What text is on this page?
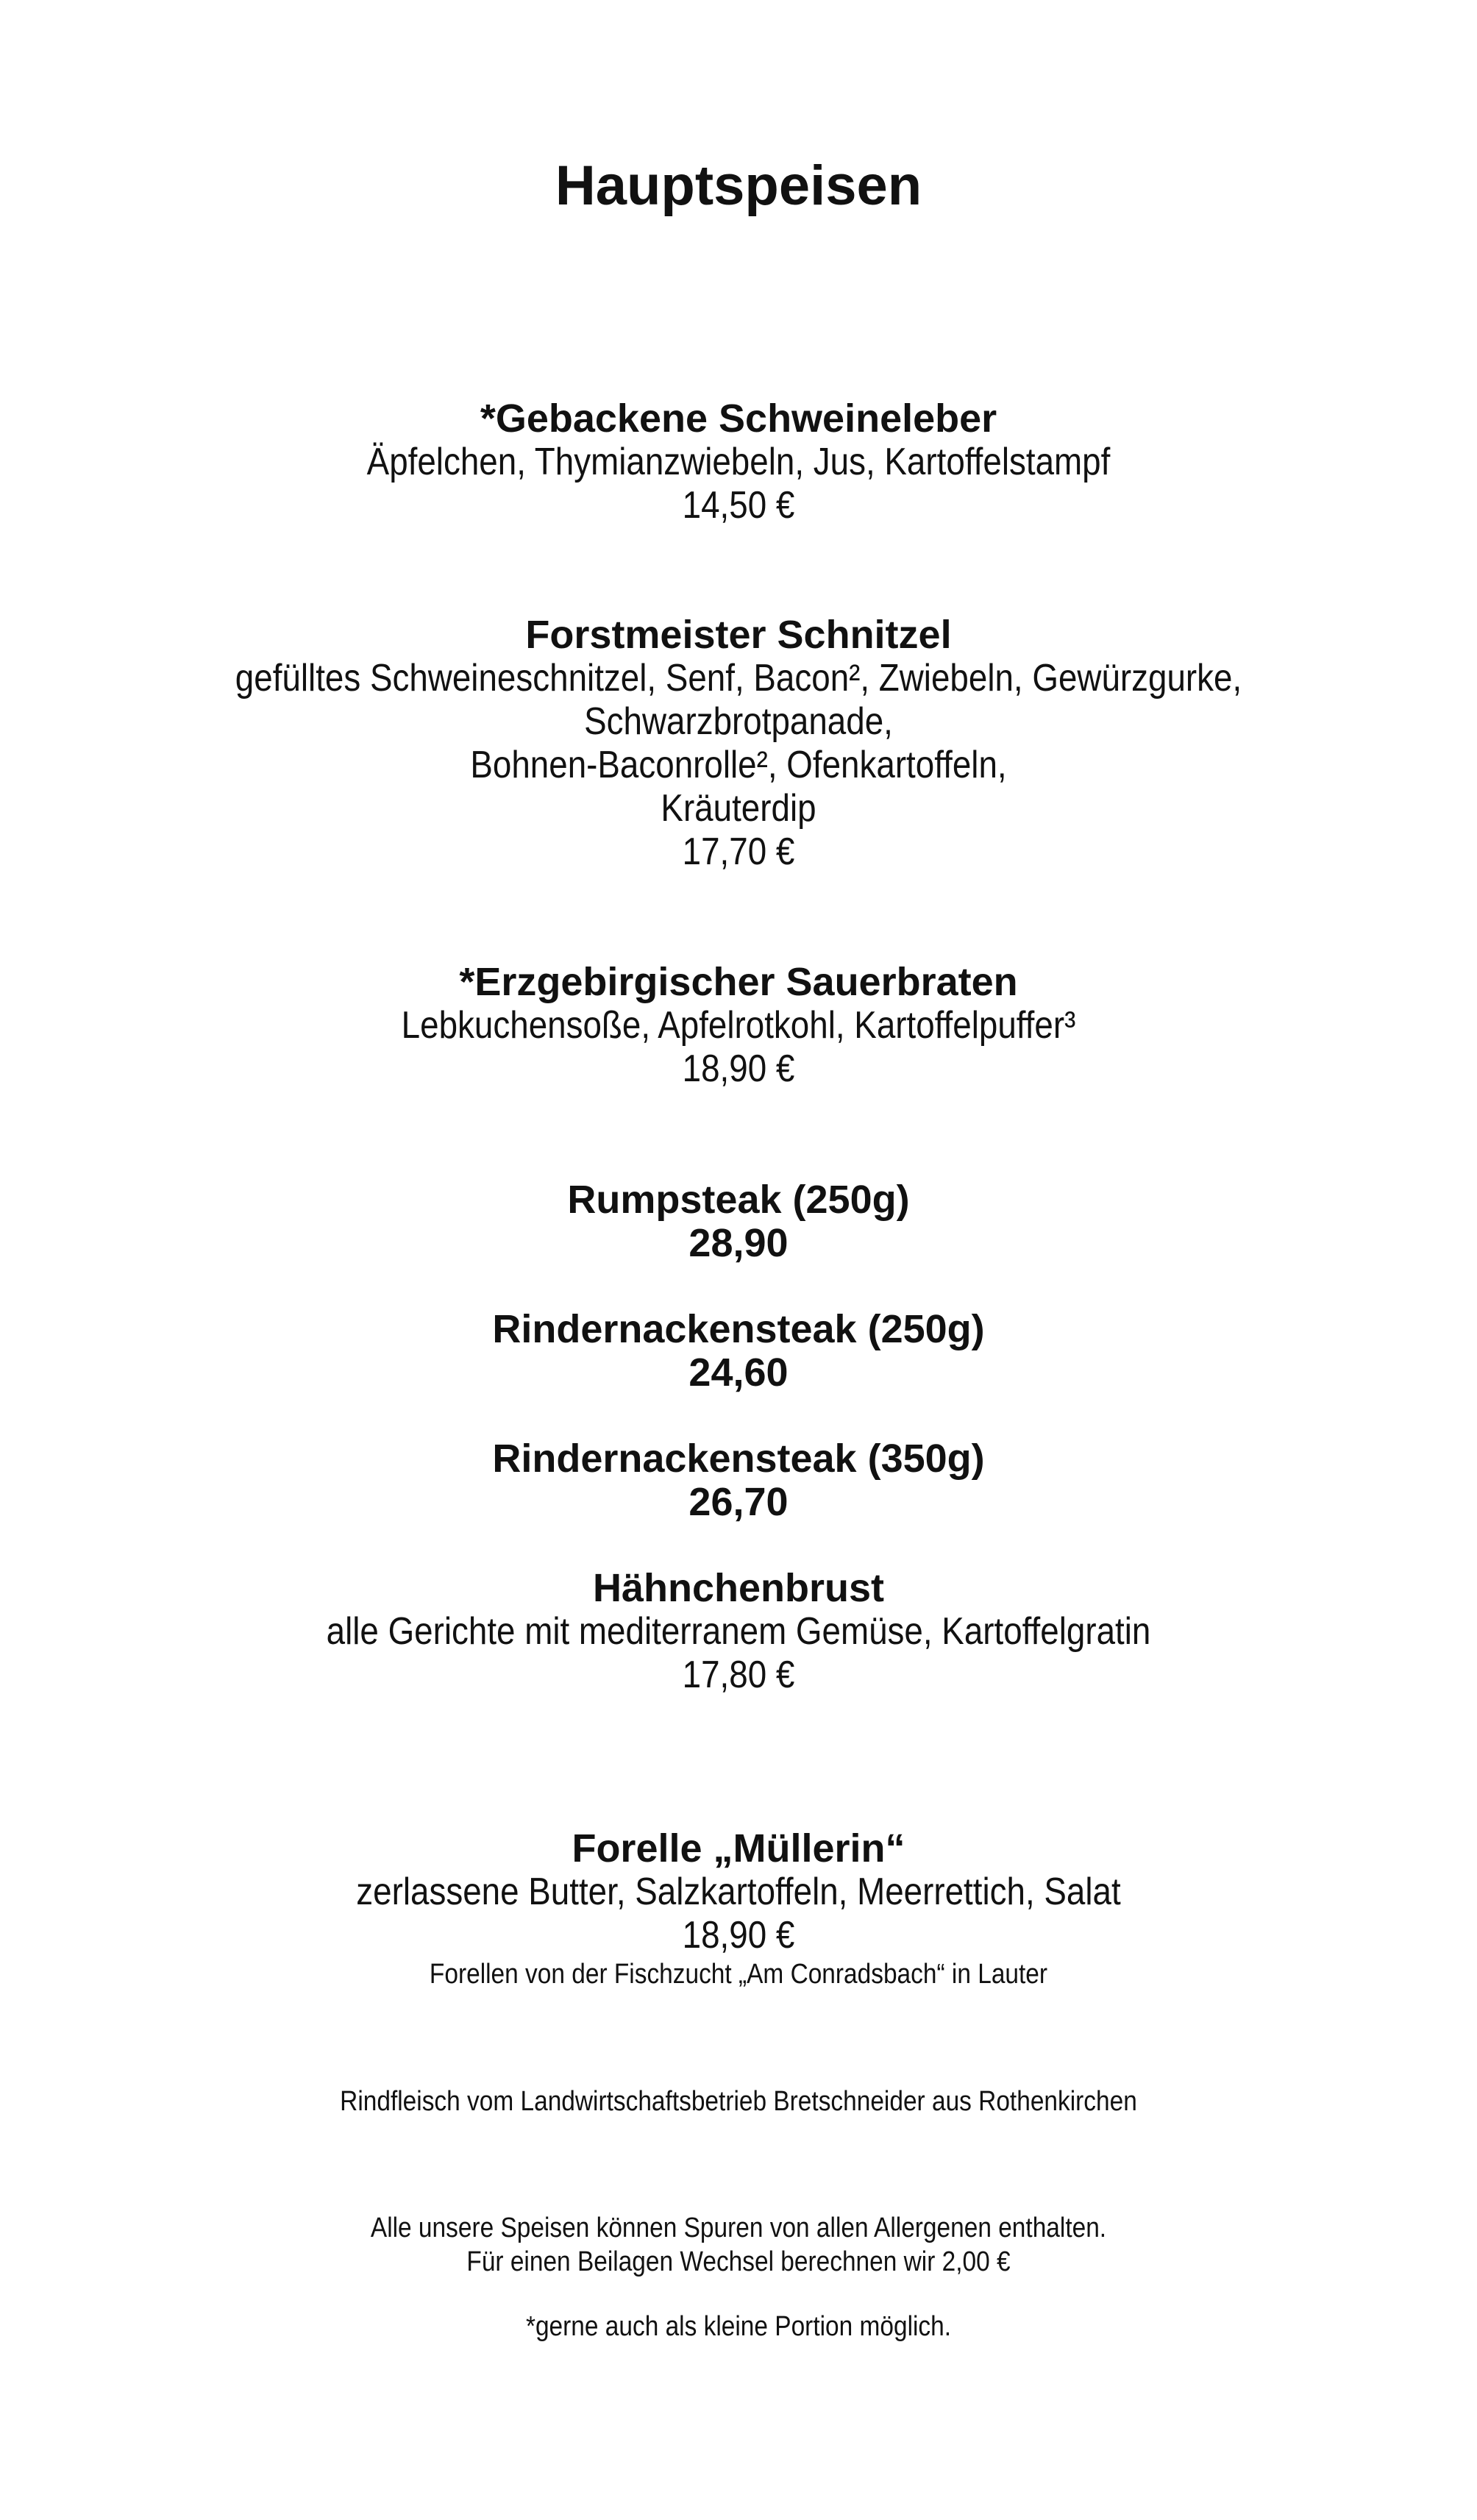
Hauptspeisen
*Gebackene Schweineleber
Äpfelchen, Thymianzwiebeln, Jus, Kartoffelstampf
14,50 €
Forstmeister Schnitzel
gefülltes Schweineschnitzel, Senf, Bacon², Zwiebeln, Gewürzgurke,
Schwarzbrotpanade,
Bohnen-Baconrolle², Ofenkartoffeln,
Kräuterdip
17,70 €
*Erzgebirgischer Sauerbraten
Lebkuchensoße, Apfelrotkohl, Kartoffelpuffer³
18,90 €
Rumpsteak (250g)
28,90
Rindernackensteak (250g)
24,60
Rindernackensteak (350g)
26,70
Hähnchenbrust
alle Gerichte mit mediterranem Gemüse, Kartoffelgratin
17,80 €
Forelle „Müllerin“
zerlassene Butter, Salzkartoffeln, Meerrettich, Salat
18,90 €
Forellen von der Fischzucht „Am Conradsbach“ in Lauter
Rindfleisch vom Landwirtschaftsbetrieb Bretschneider aus Rothenkirchen
Alle unsere Speisen können Spuren von allen Allergenen enthalten.
Für einen Beilagen Wechsel berechnen wir 2,00 €
*gerne auch als kleine Portion möglich.
